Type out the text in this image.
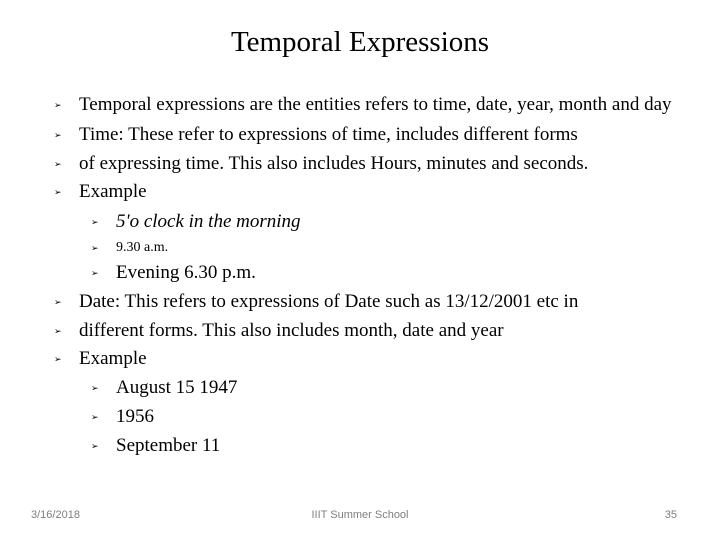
Temporal Expressions
➢ Temporal expressions are the entities refers to time, date, year, month and day
➢ Time: These refer to expressions of time, includes different forms
➢ of expressing time. This also includes Hours, minutes and seconds.
➢ Example
➢ 5'o clock in the morning
➢ 9.30 a.m.
➢ Evening 6.30 p.m.
➢ Date: This refers to expressions of Date such as 13/12/2001 etc in
➢ different forms. This also includes month, date and year
➢ Example
➢ August 15 1947
➢ 1956
➢ September 11
3/16/2018	IIIT Summer School	35
